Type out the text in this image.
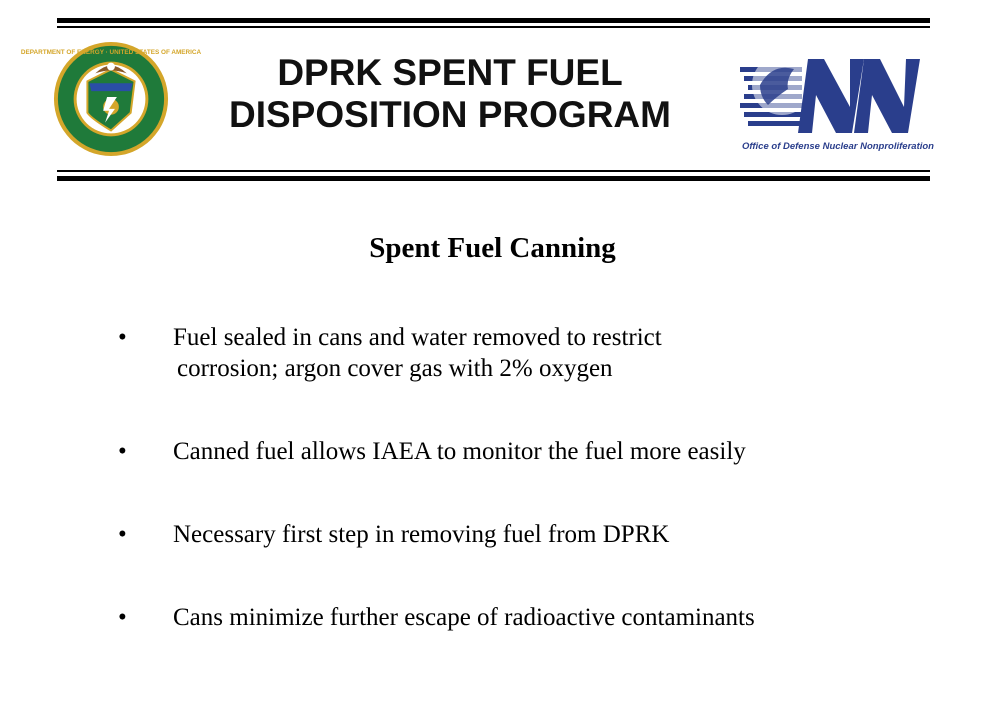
DEPARTMENT OF ENERGY · UNITED STATES OF AMERICA	DPRK SPENT FUEL
DISPOSITION PROGRAM
Office of Defense Nuclear Nonproliferation
Spent Fuel Canning
• Fuel sealed in cans and water removed to restrict
corrosion; argon cover gas with 2% oxygen
• Canned fuel allows IAEA to monitor the fuel more easily
• Necessary first step in removing fuel from DPRK
• Cans minimize further escape of radioactive contaminants
